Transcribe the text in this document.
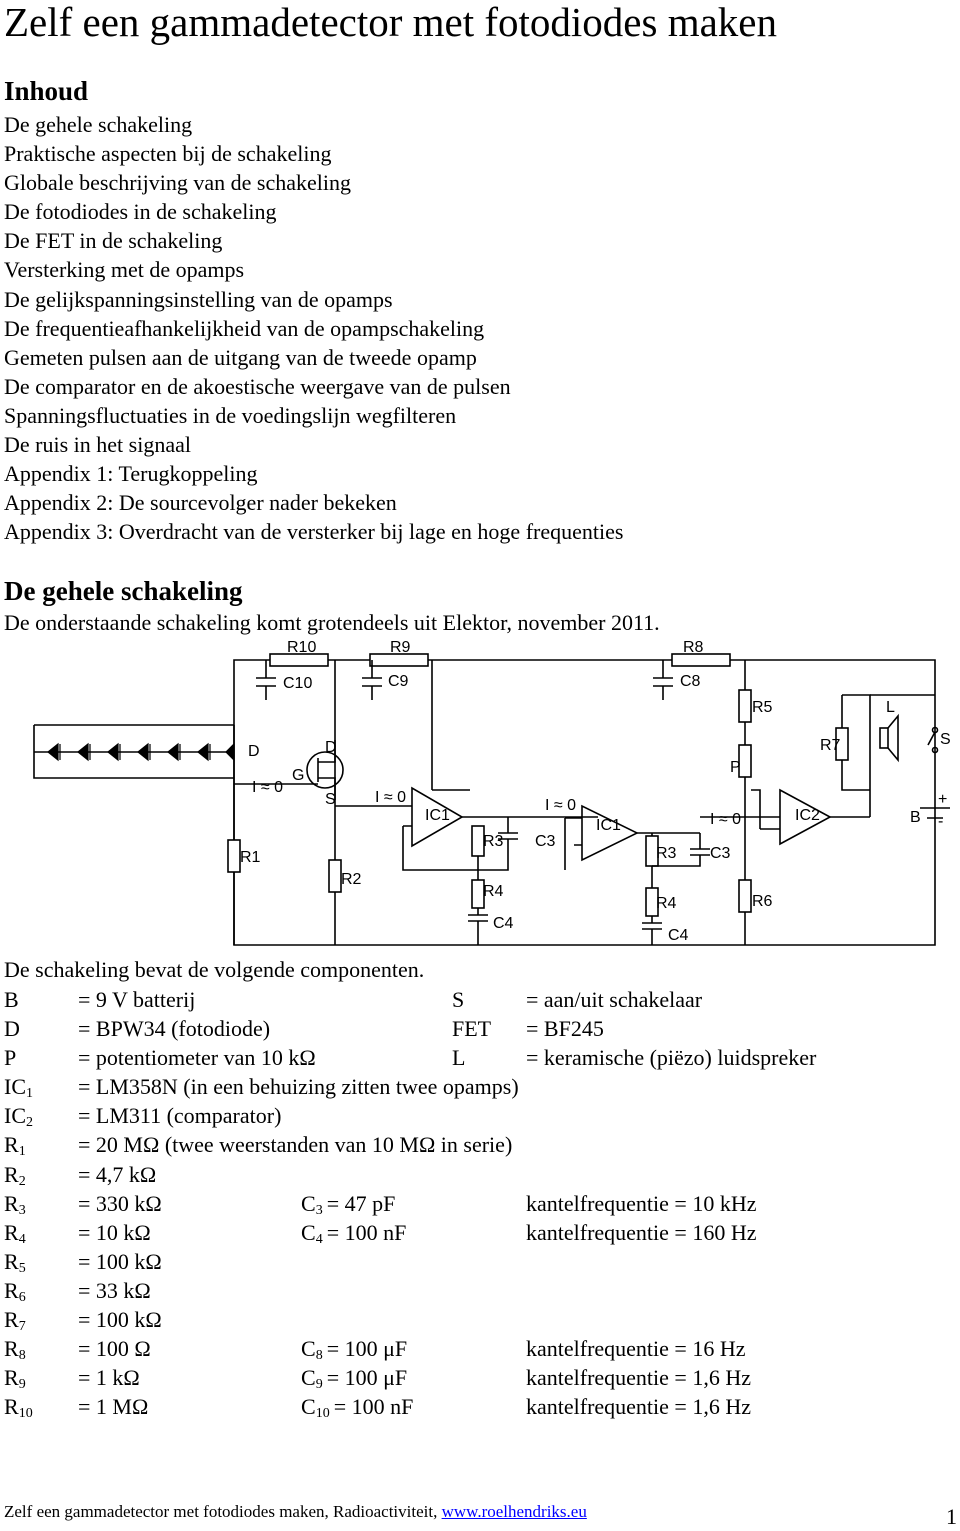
Zelf een gammadetector met fotodiodes maken
Inhoud
De gehele schakeling
Praktische aspecten bij de schakeling
Globale beschrijving van de schakeling
De fotodiodes in de schakeling
De FET in de schakeling
Versterking met de opamps
De gelijkspanningsinstelling van de opamps
De frequentieafhankelijkheid van de opampschakeling
Gemeten pulsen aan de uitgang van de tweede opamp
De comparator en de akoestische weergave van de pulsen
Spanningsfluctuaties in de voedingslijn wegfilteren
De ruis in het signaal
Appendix 1: Terugkoppeling
Appendix 2: De sourcevolger nader bekeken
Appendix 3: Overdracht van de versterker bij lage en hoge frequenties
De gehele schakeling
De onderstaande schakeling komt grotendeels uit Elektor, november 2011.
R10	R9	R8
C10	C9	C8
R5
R7
L
S
D	D
G
S
I ≈ 0
I ≈ 0	I ≈ 0
I ≈ 0
R1
R2
IC1
IC1
IC2
R3 C3
R4
C4
R3 C3
R4
C4
R6
P
B
+
-
De schakeling bevat de volgende componenten.
B	= 9 V batterij	S	= aan/uit schakelaar
D	= BPW34 (fotodiode)	FET = BF245
P	= potentiometer van 10 kΩ	L	= keramische (piëzo) luidspreker
$IC_1 = LM358N$ (in een behuizing zitten twee opamps)
$IC_2 = LM311$ (comparator)
$R_1 = 20$ MΩ (twee weerstanden van 10 MΩ in serie)
$R_2 = 4,7$ kΩ
$R_3 = 330$ kΩ	$C_3 = 47$ pF	kantelfrequentie = 10 kHz
$R_4 = 10$ kΩ	$C_4 = 100$ nF	kantelfrequentie = 160 Hz
$R_5 = 100$ kΩ
$R_6 = 33$ kΩ
$R_7 = 100$ kΩ
$R_8 = 100$ Ω	$C_8 = 100$ μF	kantelfrequentie = 16 Hz
$R_9 = 1$ kΩ	$C_9 = 100$ μF	kantelfrequentie = 1,6 Hz
$R_{10} = 1$ MΩ	$C_{10} = 100$ nF	kantelfrequentie = 1,6 Hz
Zelf een gammadetector met fotodiodes maken, Radioactiviteit, www.roelhendriks.eu	1
